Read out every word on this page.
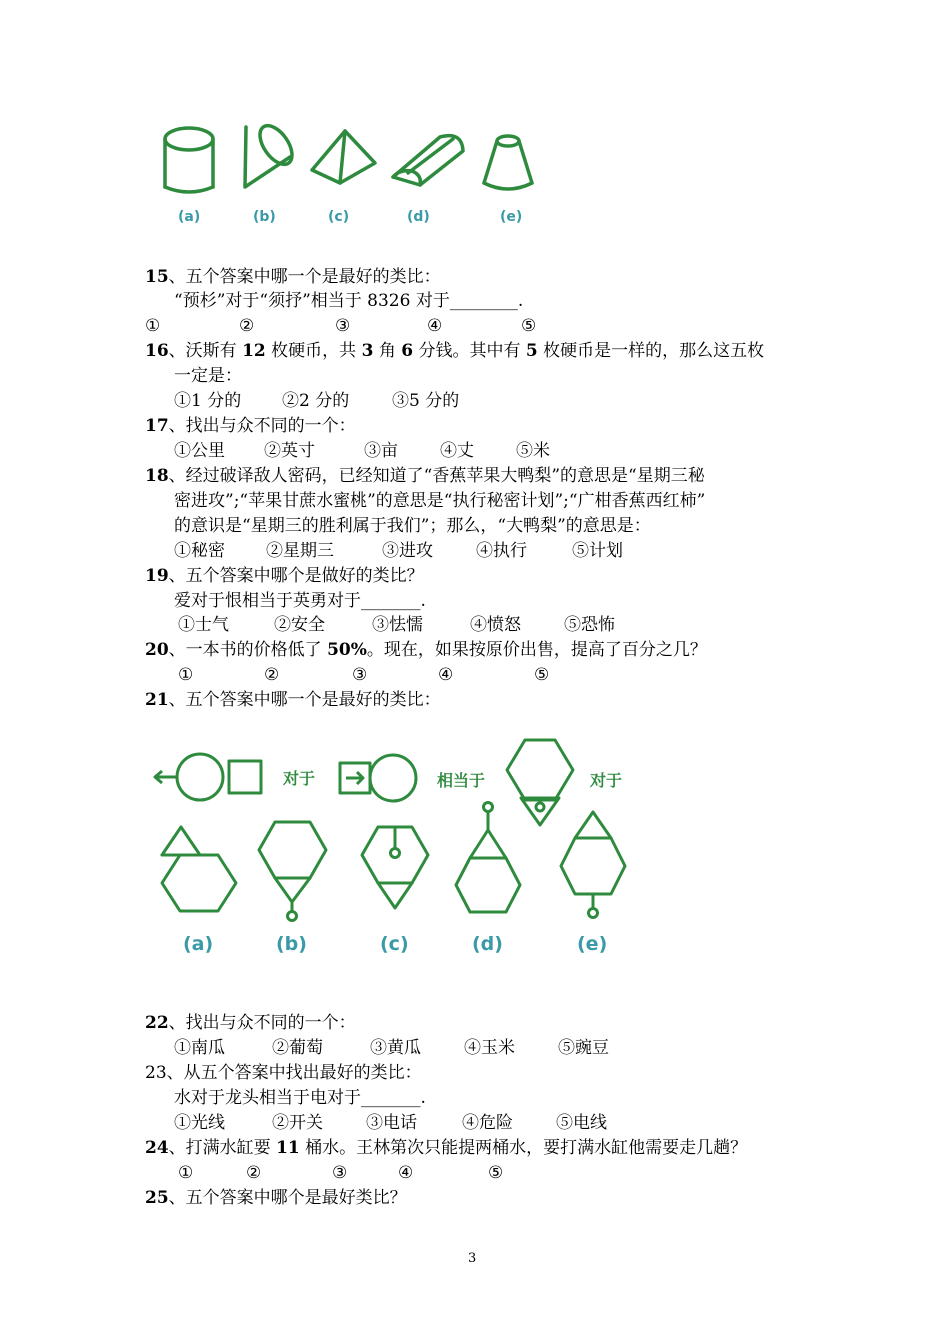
(a)	(b)	(c)	(d)	(e)
15、五个答案中哪一个是最好的类比：
“预杉”对于“须抒”相当于 8326 对于________.
①	②	③	④	⑤
16、沃斯有 12 枚硬币，共 3 角 6 分钱。其中有 5 枚硬币是一样的，那么这五枚
一定是：
①1 分的 ②2 分的	③5 分的
17、找出与众不同的一个：
①公里 ②英寸	③亩 ④丈 ⑤米
18、经过破译敌人密码，已经知道了“香蕉苹果大鸭梨”的意思是“星期三秘
密进攻”;“苹果甘蔗水蜜桃”的意思是“执行秘密计划”;“广柑香蕉西红柿”
的意识是“星期三的胜利属于我们”；那么，“大鸭梨”的意思是：
①秘密 ②星期三	③进攻	④执行	⑤计划
19、五个答案中哪个是做好的类比？
爱对于恨相当于英勇对于_______.
①士气	②安全	③怯懦	④愤怒	⑤恐怖
20、一本书的价格低了 50%。现在，如果按原价出售，提高了百分之几？
①	②	③	④	⑤
21、五个答案中哪一个是最好的类比：
对于	相当于	对于
(a)	(b)	(c)	(d)	(e)
22、找出与众不同的一个：
①南瓜	②葡萄	③黄瓜	④玉米	⑤豌豆
23、从五个答案中找出最好的类比：
水对于龙头相当于电对于_______.
①光线	②开关	③电话	④危险	⑤电线
24、打满水缸要 11 桶水。王林第次只能提两桶水，要打满水缸他需要走几趟？
①	②	③	④	⑤
25、五个答案中哪个是最好类比？
3
